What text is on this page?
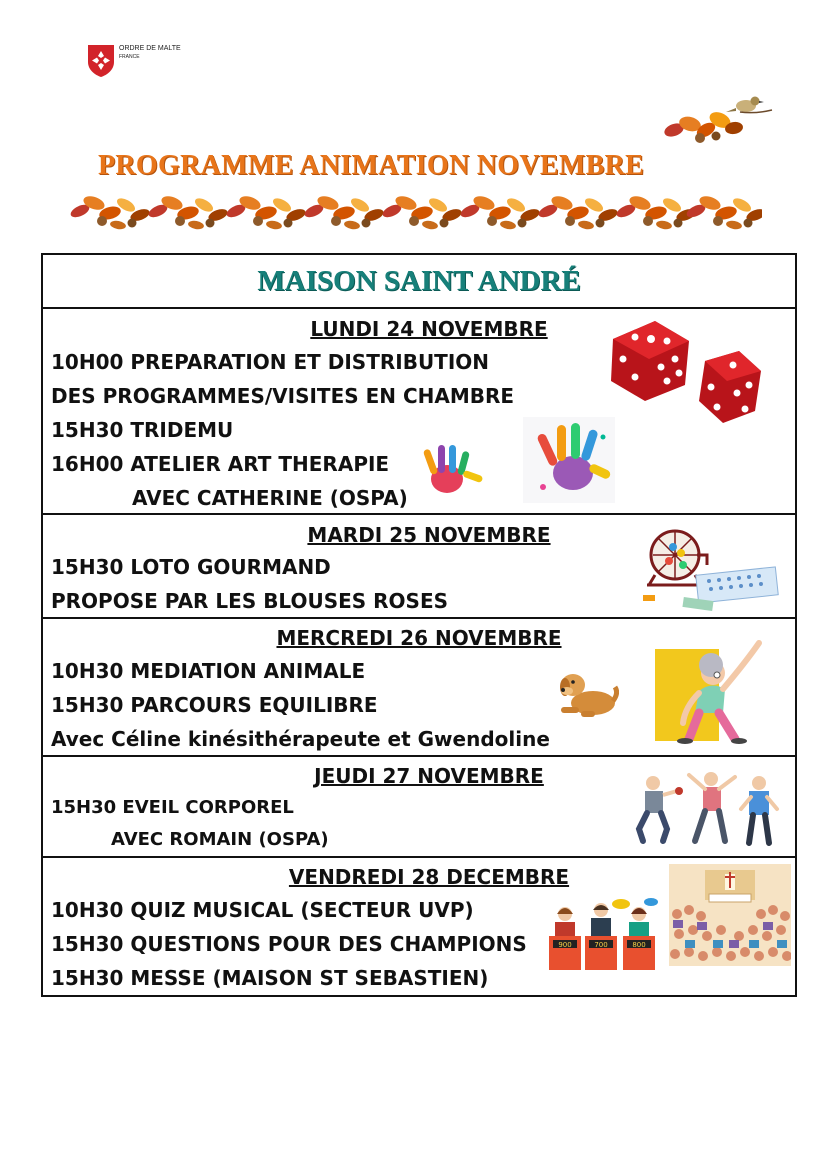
ORDRE DE MALTE
FRANCE
PROGRAMME ANIMATION NOVEMBRE
MAISON SAINT ANDRÉ
LUNDI 24 NOVEMBRE
10H00 PREPARATION ET DISTRIBUTION
DES PROGRAMMES/VISITES EN CHAMBRE
15H30 TRIDEMU
16H00 ATELIER ART THERAPIE
AVEC CATHERINE (OSPA)
MARDI 25 NOVEMBRE
15H30 LOTO GOURMAND
PROPOSE PAR LES BLOUSES ROSES
MERCREDI 26 NOVEMBRE
10H30 MEDIATION ANIMALE
15H30 PARCOURS EQUILIBRE
Avec Céline kinésithérapeute et Gwendoline
JEUDI 27 NOVEMBRE
15H30 EVEIL CORPOREL
AVEC ROMAIN (OSPA)
VENDREDI 28 DECEMBRE
10H30 QUIZ MUSICAL (SECTEUR UVP)
15H30 QUESTIONS POUR DES CHAMPIONS
15H30 MESSE (MAISON ST SEBASTIEN)
900	700	800
